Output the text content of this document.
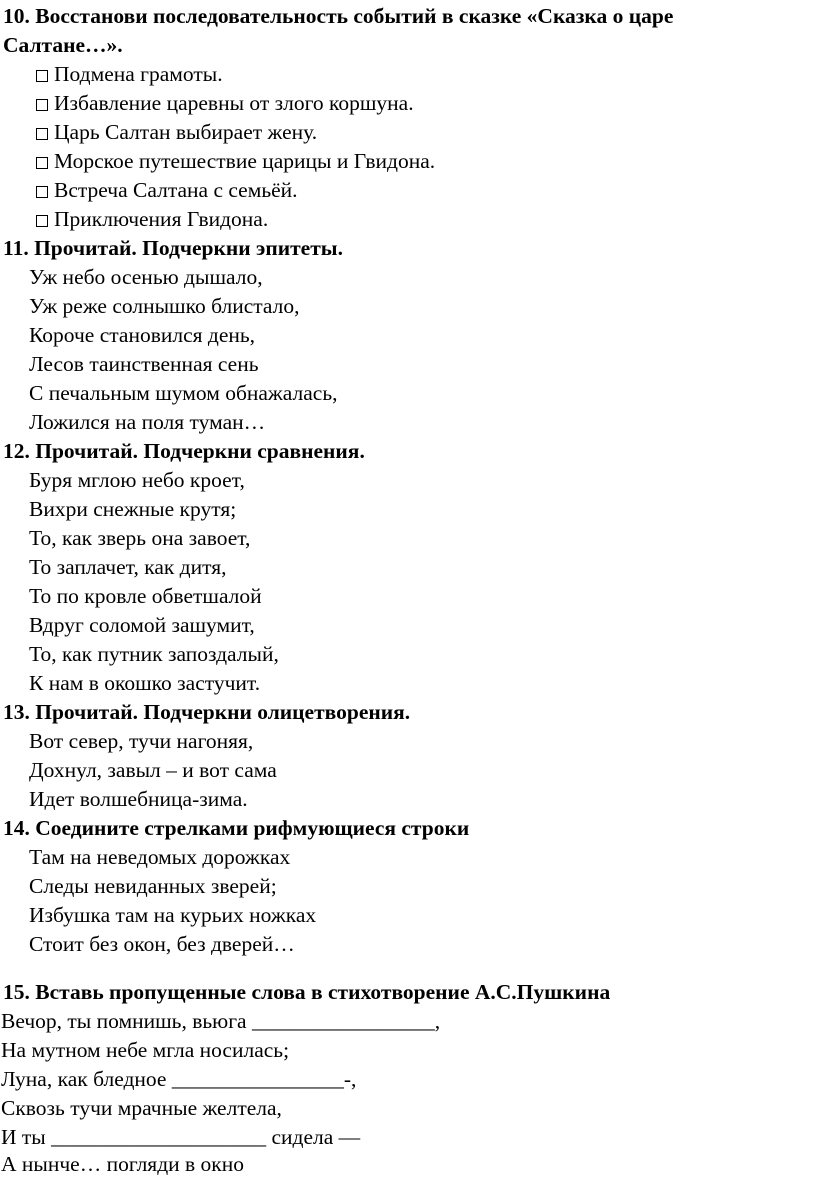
10. Восстанови последовательность событий в сказке «Сказка о царе
Салтане…».
Подмена грамоты.
Избавление царевны от злого коршуна.
Царь Салтан выбирает жену.
Морское путешествие царицы и Гвидона.
Встреча Салтана с семьёй.
Приключения Гвидона.
11. Прочитай. Подчеркни эпитеты.
Уж небо осенью дышало,
Уж реже солнышко блистало,
Короче становился день,
Лесов таинственная сень
С печальным шумом обнажалась,
Ложился на поля туман…
12. Прочитай. Подчеркни сравнения.
Буря мглою небо кроет,
Вихри снежные крутя;
То, как зверь она завоет,
То заплачет, как дитя,
То по кровле обветшалой
Вдруг соломой зашумит,
То, как путник запоздалый,
К нам в окошко застучит.
13. Прочитай. Подчеркни олицетворения.
Вот север, тучи нагоняя,
Дохнул, завыл – и вот сама
Идет волшебница-зима.
14. Соедините стрелками рифмующиеся строки
Там на неведомых дорожках
Следы невиданных зверей;
Избушка там на курьих ножках
Стоит без окон, без дверей…
15. Вставь пропущенные слова в стихотворение А.С.Пушкина
Вечор, ты помнишь, вьюга _________________,
На мутном небе мгла носилась;
Луна, как бледное ________________-,
Сквозь тучи мрачные желтела,
И ты ____________________ сидела —
А нынче… погляди в окно
